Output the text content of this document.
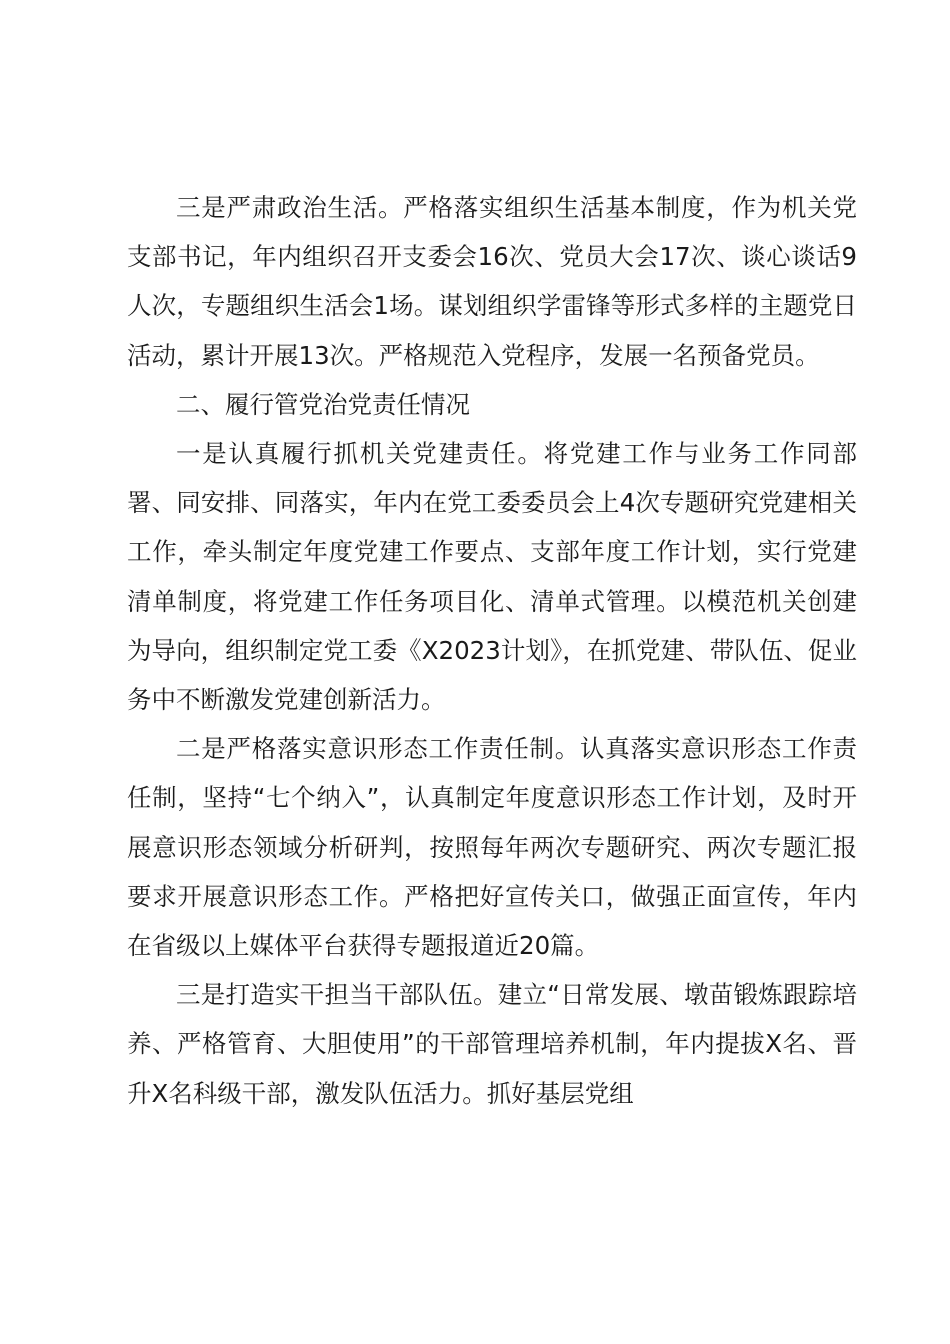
三是严肃政治生活。严格落实组织生活基本制度，作为机关党支部书记，年内组织召开支委会16次、党员大会17次、谈心谈话9人次，专题组织生活会1场。谋划组织学雷锋等形式多样的主题党日活动，累计开展13次。严格规范入党程序，发展一名预备党员。

二、履行管党治党责任情况

一是认真履行抓机关党建责任。将党建工作与业务工作同部署、同安排、同落实，年内在党工委委员会上4次专题研究党建相关工作，牵头制定年度党建工作要点、支部年度工作计划，实行党建清单制度，将党建工作任务项目化、清单式管理。以模范机关创建为导向，组织制定党工委《X2023计划》，在抓党建、带队伍、促业务中不断激发党建创新活力。

二是严格落实意识形态工作责任制。认真落实意识形态工作责任制，坚持“七个纳入”，认真制定年度意识形态工作计划，及时开展意识形态领域分析研判，按照每年两次专题研究、两次专题汇报要求开展意识形态工作。严格把好宣传关口，做强正面宣传，年内在省级以上媒体平台获得专题报道近20篇。

三是打造实干担当干部队伍。建立“日常发展、墩苗锻炼跟踪培养、严格管育、大胆使用”的干部管理培养机制，年内提拔X名、晋升X名科级干部，激发队伍活力。抓好基层党组
